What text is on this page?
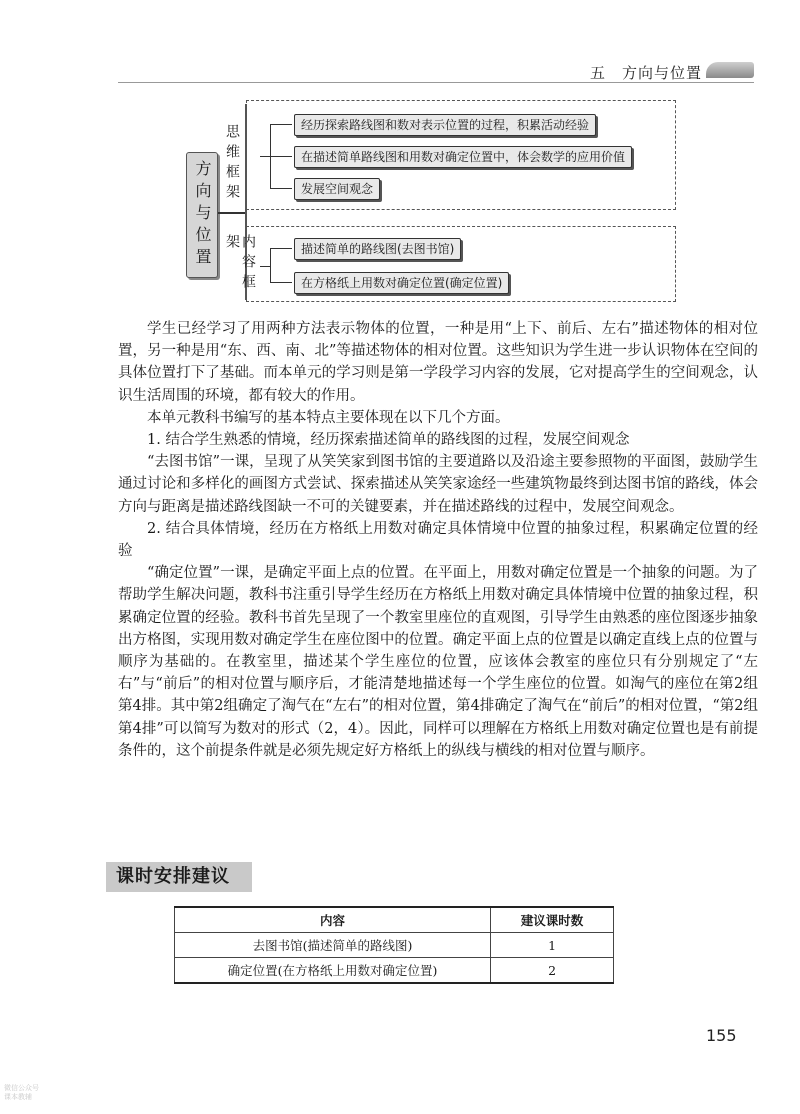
五　方向与位置
方向与位置 思维框架
内容框架
经历探索路线图和数对表示位置的过程，积累活动经验
在描述简单路线图和用数对确定位置中，体会数学的应用价值
发展空间观念
描述简单的路线图(去图书馆)
在方格纸上用数对确定位置(确定位置)

学生已经学习了用两种方法表示物体的位置，一种是用“上下、前后、左右”描述物体的相对位置，另一种是用“东、西、南、北”等描述物体的相对位置。这些知识为学生进一步认识物体在空间的具体位置打下了基础。而本单元的学习则是第一学段学习内容的发展，它对提高学生的空间观念，认识生活周围的环境，都有较大的作用。

本单元教科书编写的基本特点主要体现在以下几个方面。

1. 结合学生熟悉的情境，经历探索描述简单的路线图的过程，发展空间观念

“去图书馆”一课，呈现了从笑笑家到图书馆的主要道路以及沿途主要参照物的平面图，鼓励学生通过讨论和多样化的画图方式尝试、探索描述从笑笑家途经一些建筑物最终到达图书馆的路线，体会方向与距离是描述路线图缺一不可的关键要素，并在描述路线的过程中，发展空间观念。

2. 结合具体情境，经历在方格纸上用数对确定具体情境中位置的抽象过程，积累确定位置的经验

“确定位置”一课，是确定平面上点的位置。在平面上，用数对确定位置是一个抽象的问题。为了帮助学生解决问题，教科书注重引导学生经历在方格纸上用数对确定具体情境中位置的抽象过程，积累确定位置的经验。教科书首先呈现了一个教室里座位的直观图，引导学生由熟悉的座位图逐步抽象出方格图，实现用数对确定学生在座位图中的位置。确定平面上点的位置是以确定直线上点的位置与顺序为基础的。在教室里，描述某个学生座位的位置，应该体会教室的座位只有分别规定了“左右”与“前后”的相对位置与顺序后，才能清楚地描述每一个学生座位的位置。如淘气的座位在第2组第4排。其中第2组确定了淘气在“左右”的相对位置，第4排确定了淘气在“前后”的相对位置，“第2组第4排”可以简写为数对的形式（2，4）。因此，同样可以理解在方格纸上用数对确定位置也是有前提条件的，这个前提条件就是必须先规定好方格纸上的纵线与横线的相对位置与顺序。

课时安排建议
内容	建议课时数
去图书馆(描述简单的路线图)	1
确定位置(在方格纸上用数对确定位置)	2
155
微信公众号
课本教辅
